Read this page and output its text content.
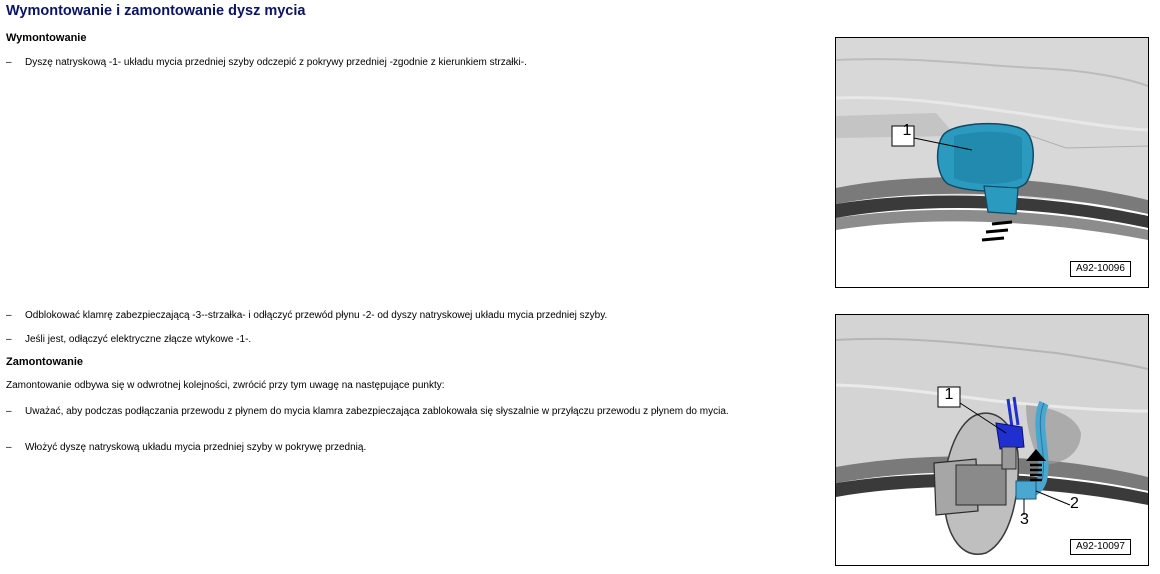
Wymontowanie i zamontowanie dysz mycia
Wymontowanie
– Dyszę natryskową -1- układu mycia przedniej szyby odczepić z pokrywy przedniej -zgodnie z kierunkiem strzałki-.
– Odblokować klamrę zabezpieczającą -3--strzałka- i odłączyć przewód płynu -2- od dyszy natryskowej układu mycia przedniej szyby.
– Jeśli jest, odłączyć elektryczne złącze wtykowe -1-.
Zamontowanie
Zamontowanie odbywa się w odwrotnej kolejności, zwrócić przy tym uwagę na następujące punkty:
– Uważać, aby podczas podłączania przewodu z płynem do mycia klamra zabezpieczająca zablokowała się słyszalnie w przyłączu przewodu z płynem do mycia.
– Włożyć dyszę natryskową układu mycia przedniej szyby w pokrywę przednią.
1
A92-10096
1
2
3
A92-10097
